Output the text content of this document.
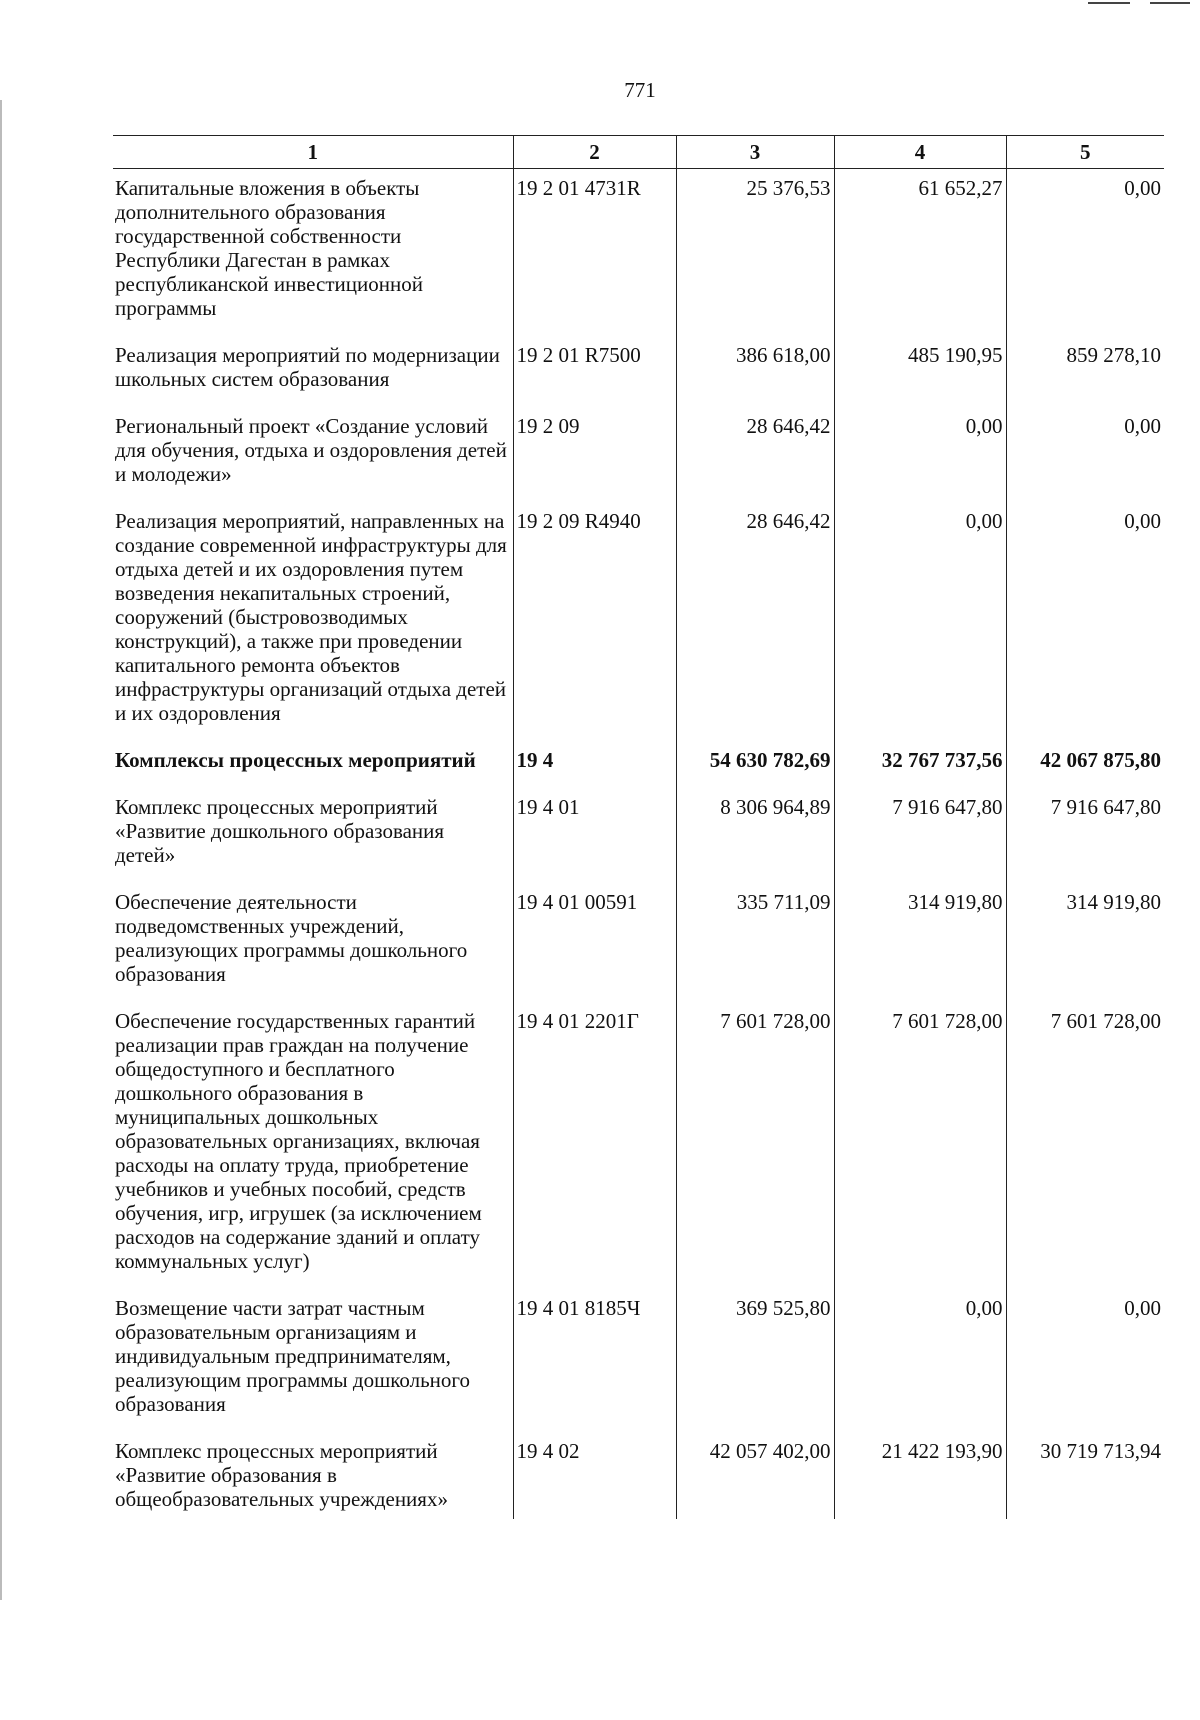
771
1	2	3	4	5
Капитальные вложения в объекты дополнительного образования государственной собственности Республики Дагестан в рамках республиканской инвестиционной программы	19 2 01 4731R	25 376,53	61 652,27	0,00
Реализация мероприятий по модернизации школьных систем образования	19 2 01 R7500	386 618,00	485 190,95	859 278,10
Региональный проект «Создание условий для обучения, отдыха и оздоровления детей и молодежи»	19 2 09	28 646,42	0,00	0,00
Реализация мероприятий, направленных на создание современной инфраструктуры для отдыха детей и их оздоровления путем возведения некапитальных строений, сооружений (быстровозводимых конструкций), а также при проведении капитального ремонта объектов инфраструктуры организаций отдыха детей и их оздоровления	19 2 09 R4940	28 646,42	0,00	0,00
Комплексы процессных мероприятий	19 4	54 630 782,69	32 767 737,56	42 067 875,80
Комплекс процессных мероприятий «Развитие дошкольного образования детей»	19 4 01	8 306 964,89	7 916 647,80	7 916 647,80
Обеспечение деятельности подведомственных учреждений, реализующих программы дошкольного образования	19 4 01 00591	335 711,09	314 919,80	314 919,80
Обеспечение государственных гарантий реализации прав граждан на получение общедоступного и бесплатного дошкольного образования в муниципальных дошкольных образовательных организациях, включая расходы на оплату труда, приобретение учебников и учебных пособий, средств обучения, игр, игрушек (за исключением расходов на содержание зданий и оплату коммунальных услуг)	19 4 01 2201Г	7 601 728,00	7 601 728,00	7 601 728,00
Возмещение части затрат частным образовательным организациям и индивидуальным предпринимателям, реализующим программы дошкольного образования	19 4 01 8185Ч	369 525,80	0,00	0,00
Комплекс процессных мероприятий «Развитие образования в общеобразовательных учреждениях»	19 4 02	42 057 402,00	21 422 193,90	30 719 713,94
